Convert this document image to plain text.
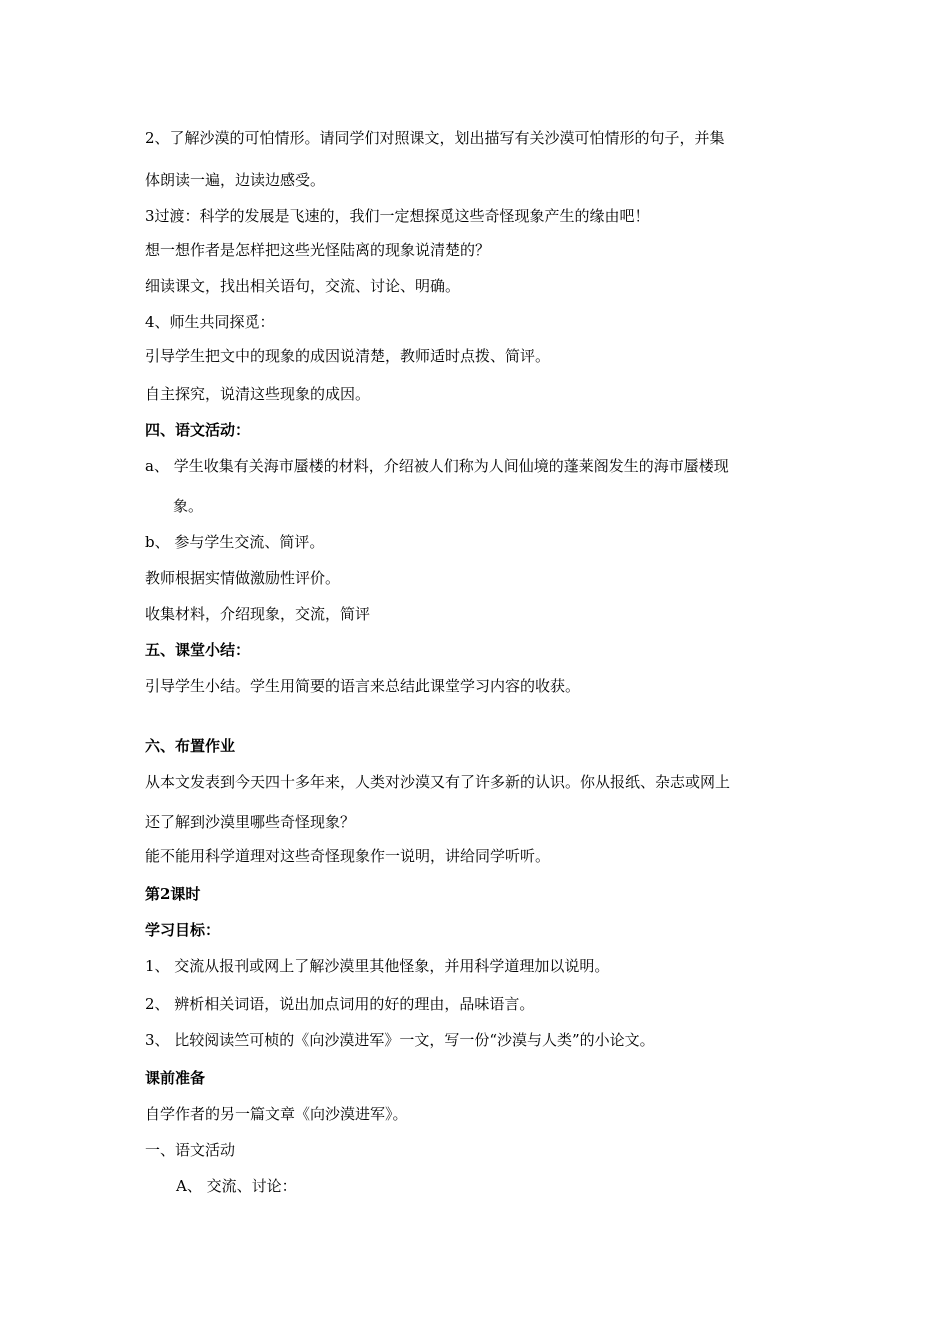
2、了解沙漠的可怕情形。请同学们对照课文，划出描写有关沙漠可怕情形的句子，并集
体朗读一遍，边读边感受。
3过渡：科学的发展是飞速的，我们一定想探觅这些奇怪现象产生的缘由吧！
想一想作者是怎样把这些光怪陆离的现象说清楚的？
细读课文，找出相关语句，交流、讨论、明确。
4、师生共同探觅：
引导学生把文中的现象的成因说清楚，教师适时点拨、简评。
自主探究，说清这些现象的成因。
四、语文活动：
a、 学生收集有关海市蜃楼的材料，介绍被人们称为人间仙境的蓬莱阁发生的海市蜃楼现
象。
b、 参与学生交流、简评。
教师根据实情做激励性评价。
收集材料，介绍现象，交流，简评
五、课堂小结：
引导学生小结。学生用简要的语言来总结此课堂学习内容的收获。
六、布置作业
从本文发表到今天四十多年来，人类对沙漠又有了许多新的认识。你从报纸、杂志或网上
还了解到沙漠里哪些奇怪现象？
能不能用科学道理对这些奇怪现象作一说明，讲给同学听听。
第2课时
学习目标：
1、 交流从报刊或网上了解沙漠里其他怪象，并用科学道理加以说明。
2、 辨析相关词语，说出加点词用的好的理由，品味语言。
3、 比较阅读竺可桢的《向沙漠进军》一文，写一份“沙漠与人类”的小论文。
课前准备
自学作者的另一篇文章《向沙漠进军》。
一、语文活动
A、 交流、讨论：
